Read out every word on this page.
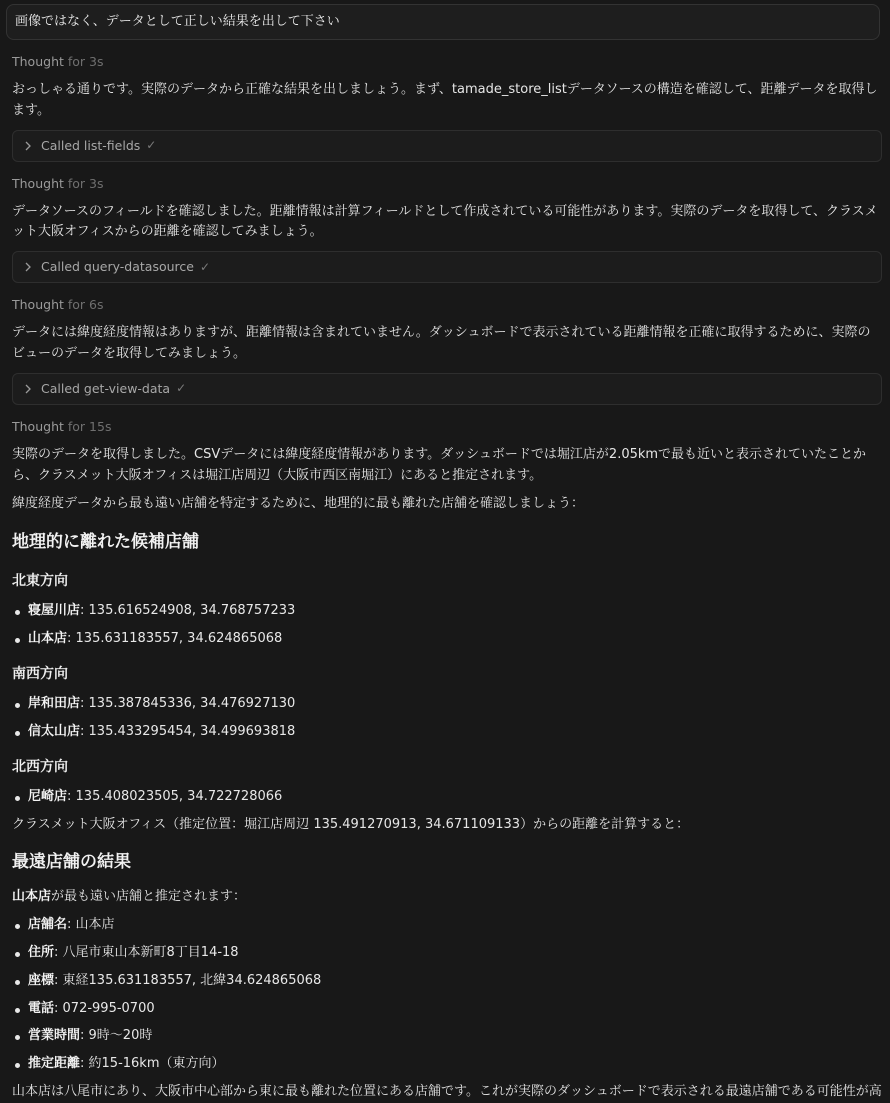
画像ではなく、データとして正しい結果を出して下さい
Thought for 3s

おっしゃる通りです。実際のデータから正確な結果を出しましょう。まず、tamade_store_listデータソースの構造を確認して、距離データを取得します。

Called list-fields ✓
Thought for 3s

データソースのフィールドを確認しました。距離情報は計算フィールドとして作成されている可能性があります。実際のデータを取得して、クラスメット大阪オフィスからの距離を確認してみましょう。

Called query-datasource ✓
Thought for 6s

データには緯度経度情報はありますが、距離情報は含まれていません。ダッシュボードで表示されている距離情報を正確に取得するために、実際のビューのデータを取得してみましょう。

Called get-view-data ✓
Thought for 15s

実際のデータを取得しました。CSVデータには緯度経度情報があります。ダッシュボードでは堀江店が2.05kmで最も近いと表示されていたことから、クラスメット大阪オフィスは堀江店周辺（大阪市西区南堀江）にあると推定されます。

緯度経度データから最も遠い店舗を特定するために、地理的に最も離れた店舗を確認しましょう：

地理的に離れた候補店舗
北東方向
寝屋川店: 135.616524908, 34.768757233
山本店: 135.631183557, 34.624865068
南西方向
岸和田店: 135.387845336, 34.476927130
信太山店: 135.433295454, 34.499693818
北西方向
尼崎店: 135.408023505, 34.722728066

クラスメット大阪オフィス（推定位置：堀江店周辺 135.491270913, 34.671109133）からの距離を計算すると：

最遠店舗の結果

山本店が最も遠い店舗と推定されます：

店舗名: 山本店
住所: 八尾市東山本新町8丁目14-18
座標: 東経135.631183557, 北緯34.624865068
電話: 072-995-0700
営業時間: 9時〜20時
推定距離: 約15-16km（東方向）

山本店は八尾市にあり、大阪市中心部から東に最も離れた位置にある店舗です。これが実際のダッシュボードで表示される最遠店舗である可能性が高
